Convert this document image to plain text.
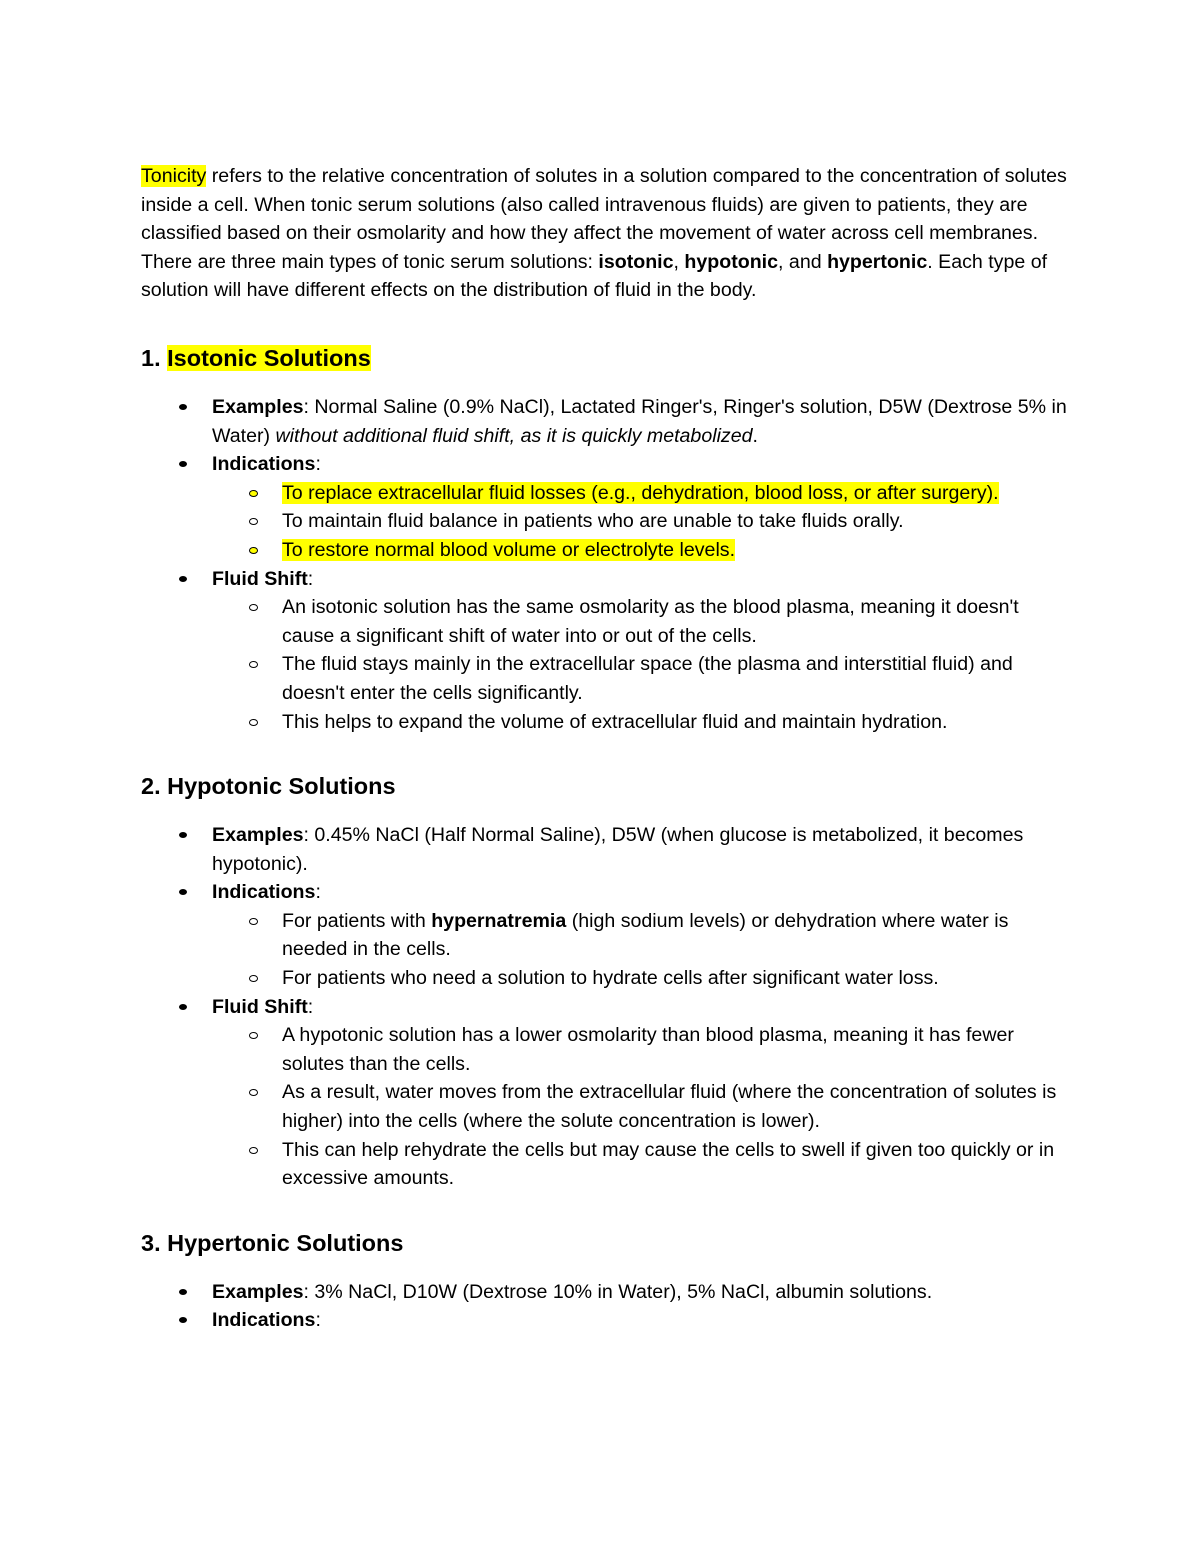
Tonicity refers to the relative concentration of solutes in a solution compared to the concentration of solutes inside a cell. When tonic serum solutions (also called intravenous fluids) are given to patients, they are classified based on their osmolarity and how they affect the movement of water across cell membranes. There are three main types of tonic serum solutions: isotonic, hypotonic, and hypertonic. Each type of solution will have different effects on the distribution of fluid in the body.

1. Isotonic Solutions
Examples: Normal Saline (0.9% NaCl), Lactated Ringer's, Ringer's solution, D5W (Dextrose 5% in Water) without additional fluid shift, as it is quickly metabolized.
Indications:
To replace extracellular fluid losses (e.g., dehydration, blood loss, or after surgery).
To maintain fluid balance in patients who are unable to take fluids orally.
To restore normal blood volume or electrolyte levels.
Fluid Shift:
An isotonic solution has the same osmolarity as the blood plasma, meaning it doesn't cause a significant shift of water into or out of the cells.
The fluid stays mainly in the extracellular space (the plasma and interstitial fluid) and doesn't enter the cells significantly.
This helps to expand the volume of extracellular fluid and maintain hydration.
2. Hypotonic Solutions
Examples: 0.45% NaCl (Half Normal Saline), D5W (when glucose is metabolized, it becomes hypotonic).
Indications:
For patients with hypernatremia (high sodium levels) or dehydration where water is needed in the cells.
For patients who need a solution to hydrate cells after significant water loss.
Fluid Shift:
A hypotonic solution has a lower osmolarity than blood plasma, meaning it has fewer solutes than the cells.
As a result, water moves from the extracellular fluid (where the concentration of solutes is higher) into the cells (where the solute concentration is lower).
This can help rehydrate the cells but may cause the cells to swell if given too quickly or in excessive amounts.
3. Hypertonic Solutions
Examples: 3% NaCl, D10W (Dextrose 10% in Water), 5% NaCl, albumin solutions.
Indications:
